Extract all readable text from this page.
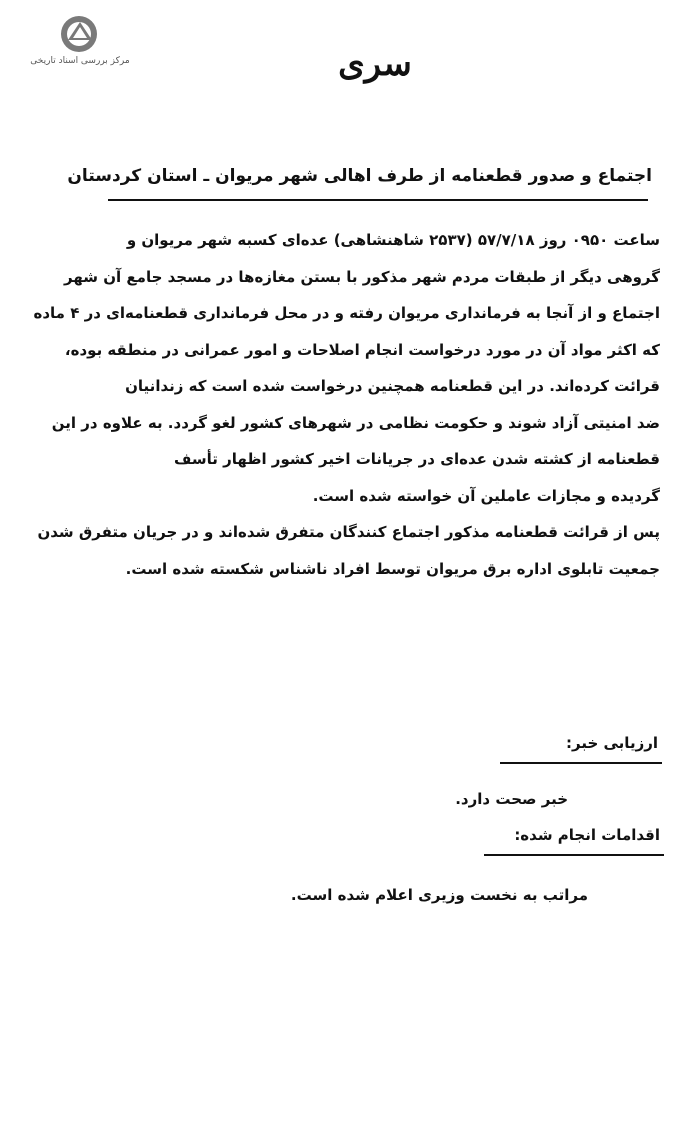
مرکز بررسی اسناد تاریخی	سری
اجتماع و صدور قطعنامه از طرف اهالی شهر مریوان ـ استان کردستان
ساعت ۰۹۵۰ روز ۵۷/۷/۱۸ (۲۵۳۷ شاهنشاهی) عده‌ای کسبه شهر مریوان و
گروهی دیگر از طبقات مردم شهر مذکور با بستن مغازه‌ها در مسجد جامع آن شهر
اجتماع و از آنجا به فرمانداری مریوان رفته و در محل فرمانداری قطعنامه‌ای در ۴ ماده
که اکثر مواد آن در مورد درخواست انجام اصلاحات و امور عمرانی در منطقه بوده،
قرائت کرده‌اند. در این قطعنامه همچنین درخواست شده است که زندانیان
ضد امنیتی آزاد شوند و حکومت نظامی در شهرهای کشور لغو گردد. به علاوه در این
قطعنامه از کشته شدن عده‌ای در جریانات اخیر کشور اظهار تأسف
گردیده و مجازات عاملین آن خواسته شده است.
پس از قرائت قطعنامه مذکور اجتماع کنندگان متفرق شده‌اند و در جریان متفرق شدن
جمعیت تابلوی اداره برق مریوان توسط افراد ناشناس شکسته شده است.
ارزیابی خبر:
خبر صحت دارد.
اقدامات انجام شده:
مراتب به نخست وزیری اعلام شده است.
